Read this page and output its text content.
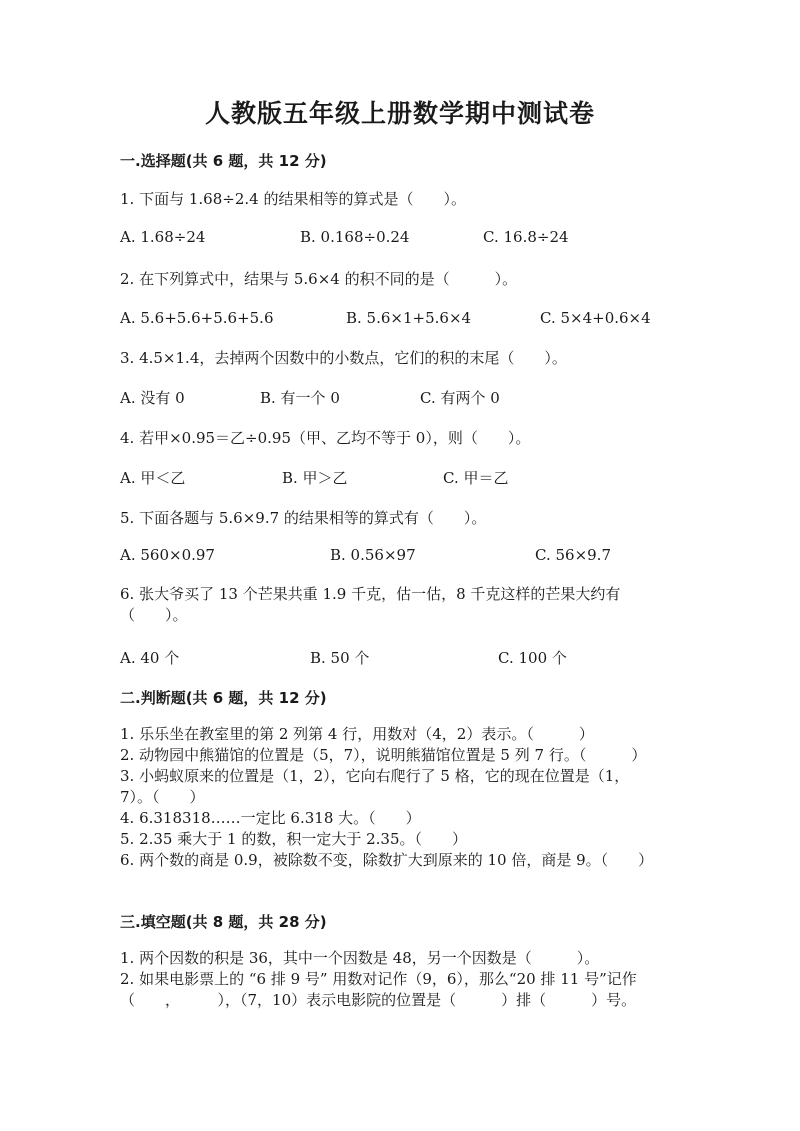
人教版五年级上册数学期中测试卷
一.选择题(共 6 题，共 12 分)
1. 下面与 1.68÷2.4 的结果相等的算式是（　　）。
A. 1.68÷24	B. 0.168÷0.24	C. 16.8÷24
2. 在下列算式中，结果与 5.6×4 的积不同的是（　　　）。
A. 5.6+5.6+5.6+5.6	B. 5.6×1+5.6×4	C. 5×4+0.6×4
3. 4.5×1.4，去掉两个因数中的小数点，它们的积的末尾（　　）。
A. 没有 0	B. 有一个 0	C. 有两个 0
4. 若甲×0.95＝乙÷0.95（甲、乙均不等于 0），则（　　）。
A. 甲＜乙	B. 甲＞乙	C. 甲＝乙
5. 下面各题与 5.6×9.7 的结果相等的算式有（　　）。
A. 560×0.97	B. 0.56×97	C. 56×9.7
6. 张大爷买了 13 个芒果共重 1.9 千克，估一估，8 千克这样的芒果大约有（　　）。
A. 40 个	B. 50 个	C. 100 个
二.判断题(共 6 题，共 12 分)
1. 乐乐坐在教室里的第 2 列第 4 行，用数对（4，2）表示。（　　　）
2. 动物园中熊猫馆的位置是（5，7），说明熊猫馆位置是 5 列 7 行。（　　　）
3. 小蚂蚁原来的位置是（1，2），它向右爬行了 5 格，它的现在位置是（1，7）。（　　）
4. 6.318318……一定比 6.318 大。（　　）
5. 2.35 乘大于 1 的数，积一定大于 2.35。（　　）
6. 两个数的商是 0.9，被除数不变，除数扩大到原来的 10 倍，商是 9。（　　）
三.填空题(共 8 题，共 28 分)
1. 两个因数的积是 36，其中一个因数是 48，另一个因数是（　　　）。
2. 如果电影票上的 “6 排 9 号” 用数对记作（9，6），那么“20 排 11 号”记作（　　，　　　），（7，10）表示电影院的位置是（　　　）排（　　　）号。
